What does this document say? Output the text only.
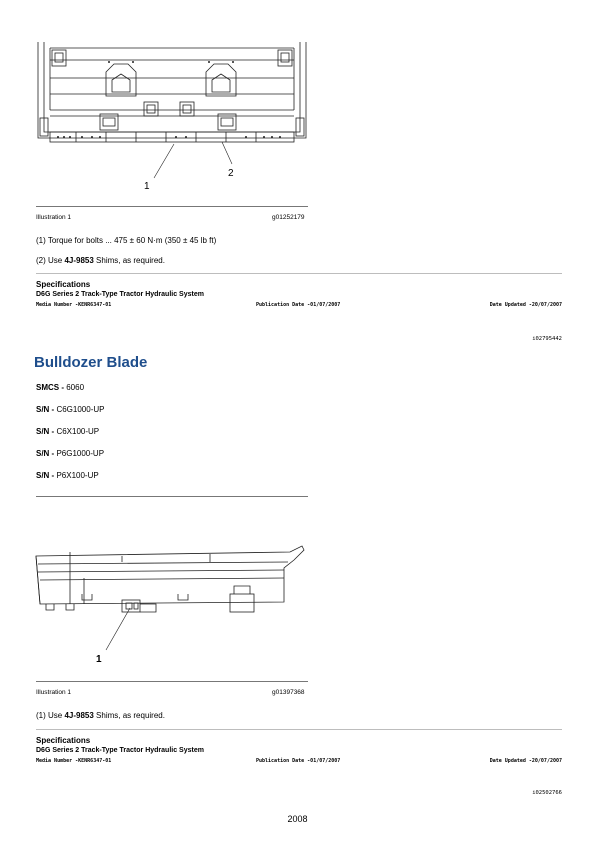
1
2
Illustration 1	g01252179
(1) Torque for bolts ... 475 ± 60 N·m (350 ± 45 lb ft)
(2) Use 4J-9853 Shims, as required.
Specifications
D6G Series 2 Track-Type Tractor Hydraulic System
Media Number -KENR6347-01	Publication Date -01/07/2007	Date Updated -20/07/2007
i02795442
Bulldozer Blade
SMCS - 6060
S/N - C6G1000-UP
S/N - C6X100-UP
S/N - P6G1000-UP
S/N - P6X100-UP
1
Illustration 1	g01397368
(1) Use 4J-9853 Shims, as required.
Specifications
D6G Series 2 Track-Type Tractor Hydraulic System
Media Number -KENR6347-01	Publication Date -01/07/2007	Date Updated -20/07/2007
i02502766
2008
